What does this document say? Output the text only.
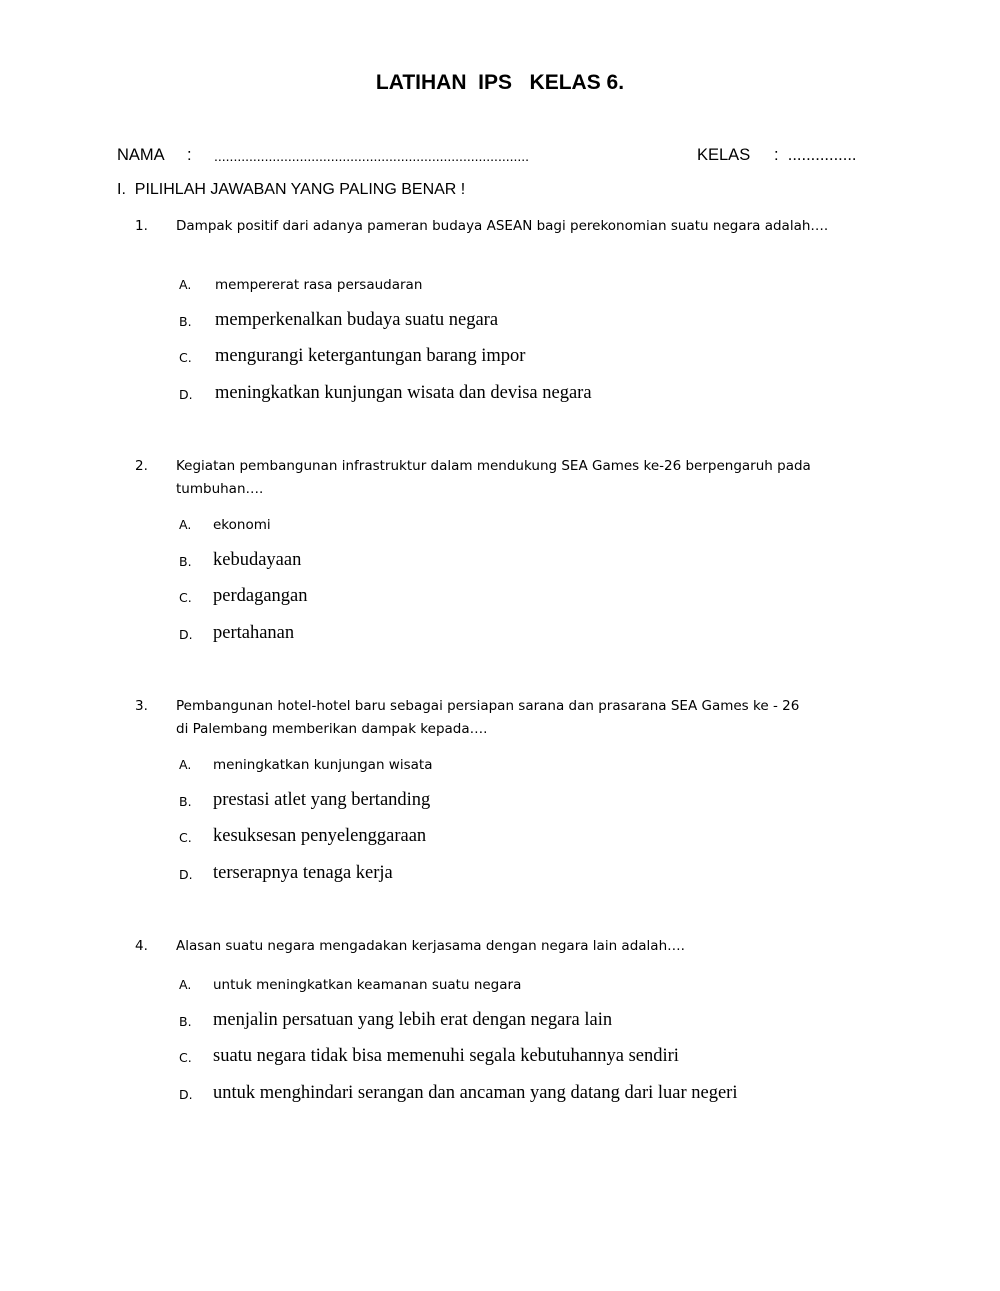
LATIHAN  IPS   KELAS 6.

NAMA

:

.................................................................................

	KELAS

:  ...............

I.  PILIHLAH JAWABAN YANG PALING BENAR !
1. Dampak positif dari adanya pameran budaya ASEAN bagi perekonomian suatu negara adalah….
A. mempererat rasa persaudaran
B. memperkenalkan budaya suatu negara
C. mengurangi ketergantungan barang impor
D. meningkatkan kunjungan wisata dan devisa negara
2. Kegiatan pembangunan infrastruktur dalam mendukung SEA Games ke-26 berpengaruh pada tumbuhan….
A. ekonomi
B. kebudayaan
C. perdagangan
D. pertahanan
3. Pembangunan hotel-hotel baru sebagai persiapan sarana dan prasarana SEA Games ke - 26
di Palembang memberikan dampak kepada….
A. meningkatkan kunjungan wisata
B. prestasi atlet yang bertanding
C. kesuksesan penyelenggaraan
D. terserapnya tenaga kerja
4. Alasan suatu negara mengadakan kerjasama dengan negara lain adalah….
A. untuk meningkatkan keamanan suatu negara
B. menjalin persatuan yang lebih erat dengan negara lain
C. suatu negara tidak bisa memenuhi segala kebutuhannya sendiri
D. untuk menghindari serangan dan ancaman yang datang dari luar negeri
